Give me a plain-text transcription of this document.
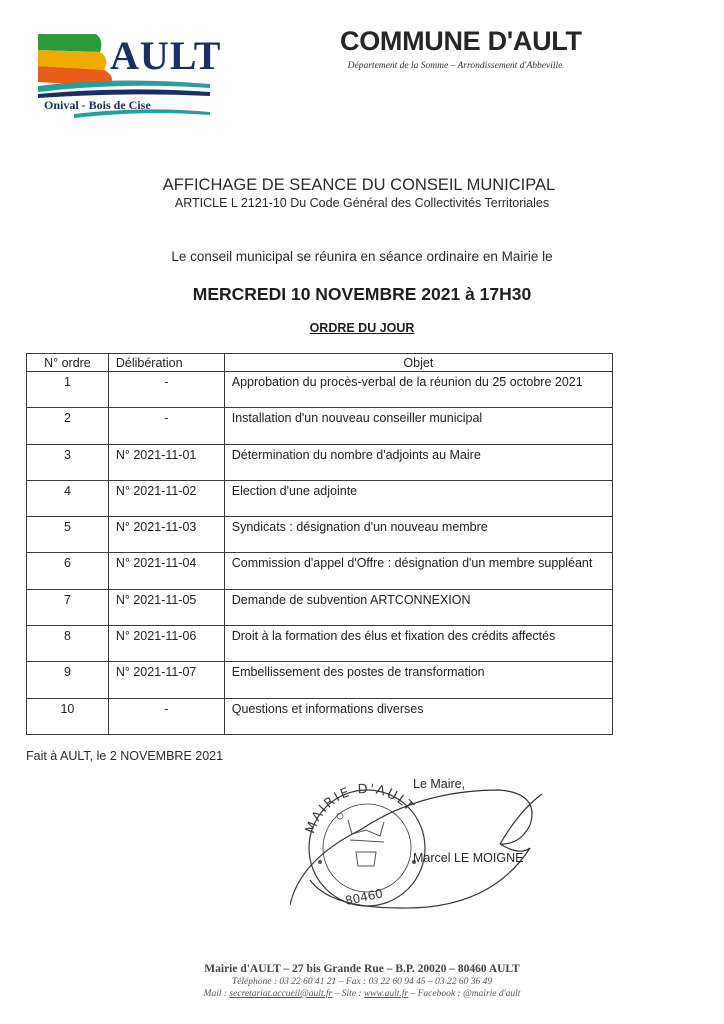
AULT
Onival - Bois de Cise
COMMUNE D'AULT
Département de la Somme – Arrondissement d'Abbeville
AFFICHAGE DE SEANCE DU CONSEIL MUNICIPAL
ARTICLE L 2121-10 Du Code Général des Collectivités Territoriales
Le conseil municipal se réunira en séance ordinaire en Mairie le
MERCREDI 10 NOVEMBRE 2021 à 17H30
ORDRE DU JOUR
N° ordre	Délibération	Objet
1	-	Approbation du procès-verbal de la réunion du 25 octobre 2021
2	-	Installation d'un nouveau conseiller municipal
3	N° 2021-11-01	Détermination du nombre d'adjoints au Maire
4	N° 2021-11-02	Election d'une adjointe
5	N° 2021-11-03	Syndicats : désignation d'un nouveau membre
6	N° 2021-11-04	Commission d'appel d'Offre : désignation d'un membre suppléant
7	N° 2021-11-05	Demande de subvention ARTCONNEXION
8	N° 2021-11-06	Droit à la formation des élus et fixation des crédits affectés
9	N° 2021-11-07	Embellissement des postes de transformation
10	-	Questions et informations diverses
Fait à AULT, le 2 NOVEMBRE 2021
MAIRIE D'AULT
80460
Le Maire,
Marcel LE MOIGNE
Mairie d'AULT – 27 bis Grande Rue – B.P. 20020 – 80460 AULT
Téléphone : 03 22 60 41 21 – Fax : 03 22 60 94 45 – 03 22 60 36 49
Mail : secretariat.accueil@ault.fr – Site : www.ault.fr – Facebook : @mairie d'ault
